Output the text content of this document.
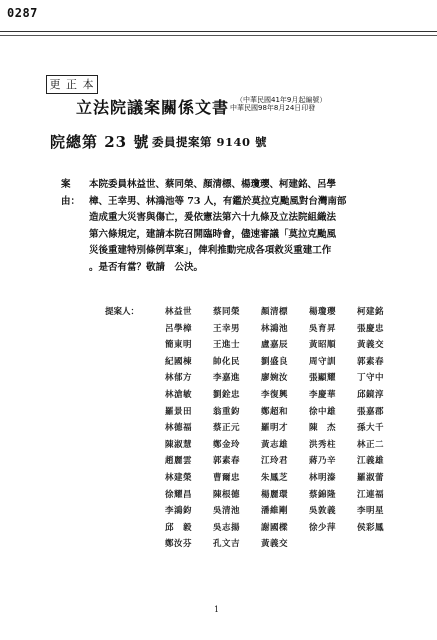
0287
更 正 本
立法院議案關係文書 （中華民國41年9月起編號）
中華民國98年8月24日印發
院總第 23 號 委員提案第 9140 號
案由：
本院委員林益世、蔡同榮、顏清標、楊瓊瓔、柯建銘、呂學
樟、王幸男、林鴻池等 73 人，有鑑於莫拉克颱風對台灣南部
造成重大災害與傷亡，爰依憲法第六十九條及立法院組織法
第六條規定，建請本院召開臨時會，儘速審議「莫拉克颱風
災後重建特別條例草案」，俾利推動完成各項救災重建工作
。是否有當？敬請　公決。
提案人：	林益世	蔡同榮	顏清標	楊瓊瓔	柯建銘
呂學樟	王幸男	林鴻池	吳育昇	張慶忠
簡東明	王進士	盧嘉辰	黃昭順	黃義交
紀國棟	帥化民	劉盛良	周守訓	郭素春
林郁方	李嘉進	廖婉汝	張顯耀	丁守中
林滄敏	劉銓忠	李復興	李慶華	邱鏡淳
羅景田	翁重鈞	鄭超和	徐中雄	張嘉郡
林德福	蔡正元	羅明才	陳　杰	孫大千
陳淑慧	鄭金玲	黃志雄	洪秀柱	林正二
趙麗雲	郭素春	江玲君	蔣乃辛	江義雄
林建榮	曹爾忠	朱鳳芝	林明溱	羅淑蕾
徐耀昌	陳根德	楊麗環	蔡錦隆	江連福
李鴻鈞	吳清池	潘維剛	吳敦義	李明星
邱　毅	吳志揚	謝國樑	徐少萍	侯彩鳳
鄭汝芬	孔文吉	黃義交
1
